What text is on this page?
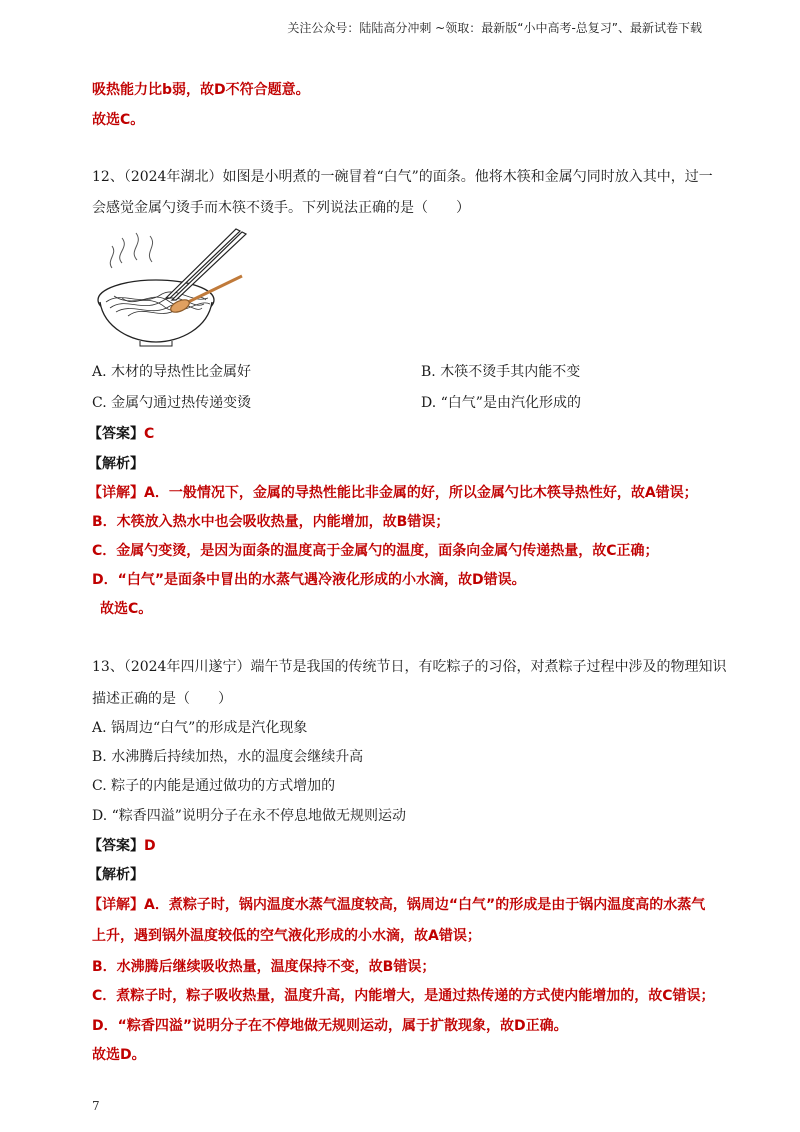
关注公众号：陆陆高分冲刺 ~领取：最新版“小中高考-总复习”、最新试卷下载
吸热能力比b弱，故D不符合题意。
故选C。
12、（2024年湖北）如图是小明煮的一碗冒着“白气”的面条。他将木筷和金属勺同时放入其中，过一
会感觉金属勺烫手而木筷不烫手。下列说法正确的是（　　）
A. 木材的导热性比金属好	B. 木筷不烫手其内能不变
C. 金属勺通过热传递变烫	D. “白气”是由汽化形成的
【答案】C
【解析】
【详解】A．一般情况下，金属的导热性能比非金属的好，所以金属勺比木筷导热性好，故A错误；
B．木筷放入热水中也会吸收热量，内能增加，故B错误；
C．金属勺变烫，是因为面条的温度高于金属勺的温度，面条向金属勺传递热量，故C正确；
D．“白气”是面条中冒出的水蒸气遇冷液化形成的小水滴，故D错误。
故选C。
13、（2024年四川遂宁）端午节是我国的传统节日，有吃粽子的习俗，对煮粽子过程中涉及的物理知识
描述正确的是（　　）
A. 锅周边“白气”的形成是汽化现象
B. 水沸腾后持续加热，水的温度会继续升高
C. 粽子的内能是通过做功的方式增加的
D. “粽香四溢”说明分子在永不停息地做无规则运动
【答案】D
【解析】
【详解】A．煮粽子时，锅内温度水蒸气温度较高，锅周边“白气”的形成是由于锅内温度高的水蒸气
上升，遇到锅外温度较低的空气液化形成的小水滴，故A错误；
B．水沸腾后继续吸收热量，温度保持不变，故B错误；
C．煮粽子时，粽子吸收热量，温度升高，内能增大，是通过热传递的方式使内能增加的，故C错误；
D．“粽香四溢”说明分子在不停地做无规则运动，属于扩散现象，故D正确。
故选D。
7
